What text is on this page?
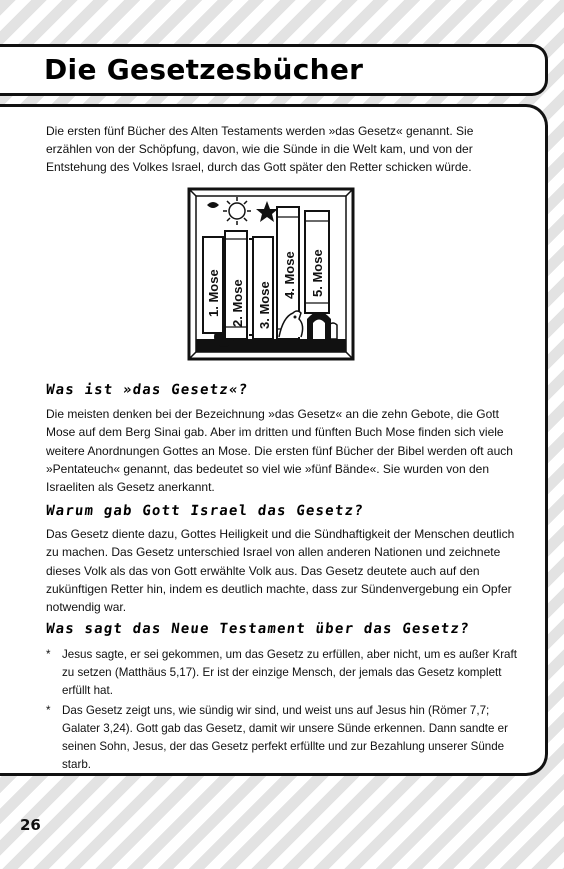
Die Gesetzesbücher

Die ersten fünf Bücher des Alten Testaments werden »das Gesetz« genannt. Sie erzählen von der Schöpfung, davon, wie die Sünde in die Welt kam, und von der Entstehung des Volkes Israel, durch das Gott später den Retter schicken würde.

1. Mose 2. Mose 3. Mose
4. Mose 5. Mose
Was ist »das Gesetz«?

Die meisten denken bei der Bezeichnung »das Gesetz« an die zehn Gebote, die Gott Mose auf dem Berg Sinai gab. Aber im dritten und fünften Buch Mose finden sich viele weitere Anordnungen Gottes an Mose. Die ersten fünf Bücher der Bibel werden oft auch »Pentateuch« genannt, das bedeutet so viel wie »fünf Bände«. Sie wurden von den Israeliten als Gesetz anerkannt.

Warum gab Gott Israel das Gesetz?

Das Gesetz diente dazu, Gottes Heiligkeit und die Sündhaftigkeit der Menschen deutlich zu machen. Das Gesetz unterschied Israel von allen anderen Nationen und zeichnete dieses Volk als das von Gott erwählte Volk aus. Das Gesetz deutete auch auf den zukünftigen Retter hin, indem es deutlich machte, dass zur Sündenvergebung ein Opfer notwendig war.

Was sagt das Neue Testament über das Gesetz?
* Jesus sagte, er sei gekommen, um das Gesetz zu erfüllen, aber nicht, um es außer Kraft zu setzen (Matthäus 5,17). Er ist der einzige Mensch, der jemals das Gesetz komplett erfüllt hat.
* Das Gesetz zeigt uns, wie sündig wir sind, und weist uns auf Jesus hin (Römer 7,7; Galater 3,24). Gott gab das Gesetz, damit wir unsere Sünde erkennen. Dann sandte er seinen Sohn, Jesus, der das Gesetz perfekt erfüllte und zur Bezahlung unserer Sünde starb.
26
